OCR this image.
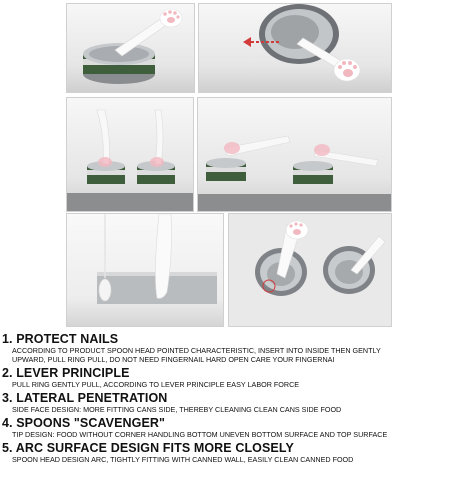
1. PROTECT NAILS
ACCORDING TO PRODUCT SPOON HEAD POINTED CHARACTERISTIC, INSERT INTO INSIDE THEN GENTLY
UPWARD, PULL RING PULL, DO NOT NEED FINGERNAIL HARD OPEN CARE YOUR FINGERNAI
2. LEVER PRINCIPLE
PULL RING GENTLY PULL, ACCORDING TO LEVER PRINCIPLE EASY LABOR FORCE
3. LATERAL PENETRATION
SIDE FACE DESIGN: MORE FITTING CANS SIDE, THEREBY CLEANING CLEAN CANS SIDE FOOD
4. SPOONS "SCAVENGER"
TIP DESIGN: FOOD WITHOUT CORNER HANDLING BOTTOM UNEVEN BOTTOM SURFACE AND TOP SURFACE
5. ARC SURFACE DESIGN FITS MORE CLOSELY
SPOON HEAD DESIGN ARC, TIGHTLY FITTING WITH CANNED WALL, EASILY CLEAN CANNED FOOD
